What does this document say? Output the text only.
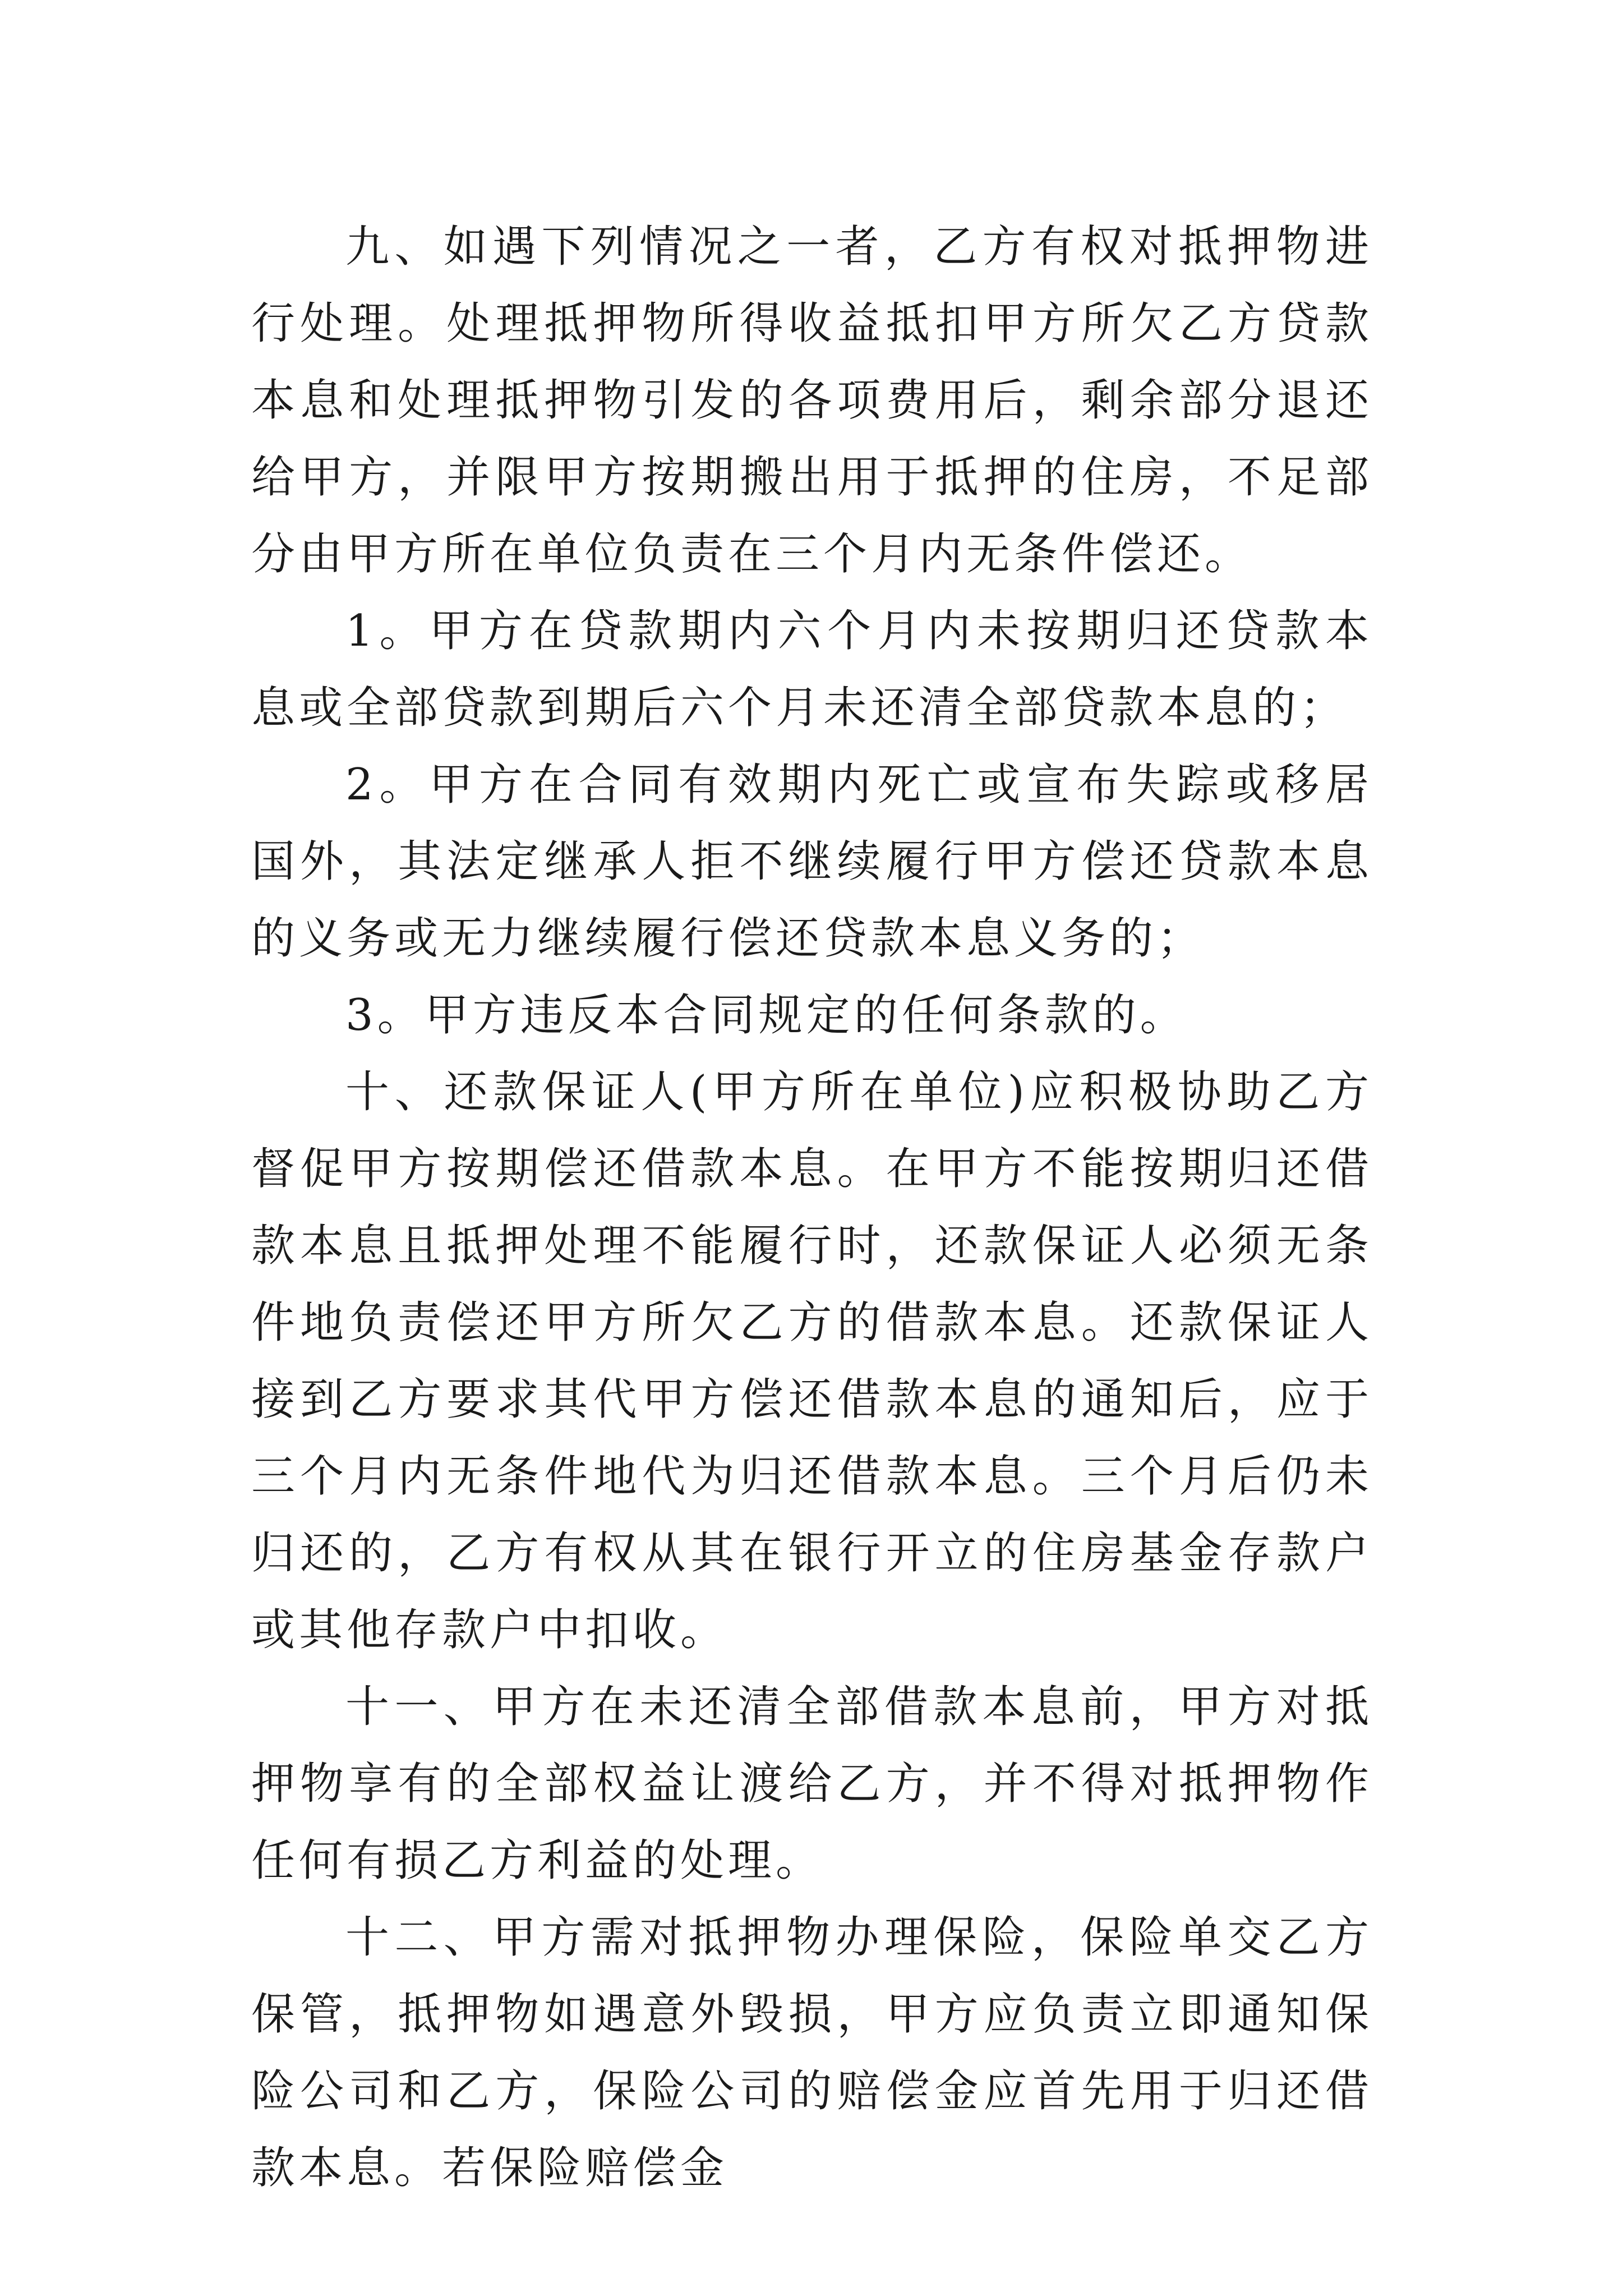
九、如遇下列情况之一者，乙方有权对抵押物进行处理。处理抵押物所得收益抵扣甲方所欠乙方贷款本息和处理抵押物引发的各项费用后，剩余部分退还给甲方，并限甲方按期搬出用于抵押的住房，不足部分由甲方所在单位负责在三个月内无条件偿还。

1。甲方在贷款期内六个月内未按期归还贷款本息或全部贷款到期后六个月未还清全部贷款本息的；

2。甲方在合同有效期内死亡或宣布失踪或移居国外，其法定继承人拒不继续履行甲方偿还贷款本息的义务或无力继续履行偿还贷款本息义务的；

3。甲方违反本合同规定的任何条款的。

十、还款保证人(甲方所在单位)应积极协助乙方督促甲方按期偿还借款本息。在甲方不能按期归还借款本息且抵押处理不能履行时，还款保证人必须无条件地负责偿还甲方所欠乙方的借款本息。还款保证人接到乙方要求其代甲方偿还借款本息的通知后，应于三个月内无条件地代为归还借款本息。三个月后仍未归还的，乙方有权从其在银行开立的住房基金存款户或其他存款户中扣收。

十一、甲方在未还清全部借款本息前，甲方对抵押物享有的全部权益让渡给乙方，并不得对抵押物作任何有损乙方利益的处理。

十二、甲方需对抵押物办理保险，保险单交乙方保管，抵押物如遇意外毁损，甲方应负责立即通知保险公司和乙方，保险公司的赔偿金应首先用于归还借款本息。若保险赔偿金
